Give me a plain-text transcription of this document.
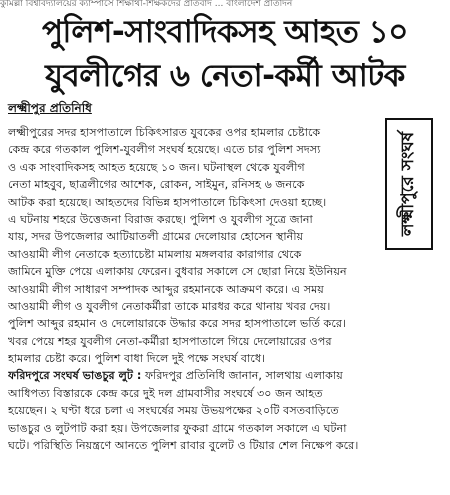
কুমিল্লা বিশ্ববিদ্যালয়ের ক্যাম্পাসে শিক্ষার্থী-শিক্ষকদের প্রতিবাদ ... বাংলাদেশ প্রতিদিন
পুলিশ-সাংবাদিকসহ আহত ১০
যুবলীগের ৬ নেতা-কর্মী আটক
লক্ষ্মীপুর প্রতিনিধি
লক্ষ্মীপুরে সংঘর্ষ
লক্ষ্মীপুরের সদর হাসপাতালে চিকিৎসারত যুবকের ওপর হামলার চেষ্টাকে
কেন্দ্র করে গতকাল পুলিশ-যুবলীগ সংঘর্ষ হয়েছে। এতে চার পুলিশ সদস্য
ও এক সাংবাদিকসহ আহত হয়েছে ১০ জন। ঘটনাস্থল থেকে যুবলীগ
নেতা মাহবুব, ছাত্রলীগের আশেক, রোকন, সাইমুন, রনিসহ ৬ জনকে
আটক করা হয়েছে। আহতদের বিভিন্ন হাসপাতালে চিকিৎসা দেওয়া হচ্ছে।
এ ঘটনায় শহরে উত্তেজনা বিরাজ করছে। পুলিশ ও যুবলীগ সূত্রে জানা
যায়, সদর উপজেলার আটিয়াতলী গ্রামের দেলোয়ার হোসেন স্থানীয়
আওয়ামী লীগ নেতাকে হত্যাচেষ্টা মামলায় মঙ্গলবার কারাগার থেকে
জামিনে মুক্তি পেয়ে এলাকায় ফেরেন। বুধবার সকালে সে ছোরা নিয়ে ইউনিয়ন
আওয়ামী লীগ সাধারণ সম্পাদক আব্দুর রহমানকে আক্রমণ করে। এ সময়
আওয়ামী লীগ ও যুবলীগ নেতাকর্মীরা তাকে মারধর করে থানায় খবর দেয়।
পুলিশ আব্দুর রহমান ও দেলোয়ারকে উদ্ধার করে সদর হাসপাতালে ভর্তি করে।
খবর পেয়ে শহর যুবলীগ নেতা-কর্মীরা হাসপাতালে গিয়ে দেলোয়ারের ওপর
হামলার চেষ্টা করে। পুলিশ বাধা দিলে দুই পক্ষে সংঘর্ষ বাধে।
ফরিদপুরে সংঘর্ষ ভাঙচুর লুট : ফরিদপুর প্রতিনিধি জানান, সালথায় এলাকায়
আধিপত্য বিস্তারকে কেন্দ্র করে দুই দল গ্রামবাসীর সংঘর্ষে ৩০ জন আহত
হয়েছেন। ২ ঘণ্টা ধরে চলা এ সংঘর্ষের সময় উভয়পক্ষের ২০টি বসতবাড়িতে
ভাঙচুর ও লুটপাট করা হয়। উপজেলার ফুকরা গ্রামে গতকাল সকালে এ ঘটনা
ঘটে। পরিস্থিতি নিয়ন্ত্রণে আনতে পুলিশ রাবার বুলেট ও টিয়ার শেল নিক্ষেপ করে।
